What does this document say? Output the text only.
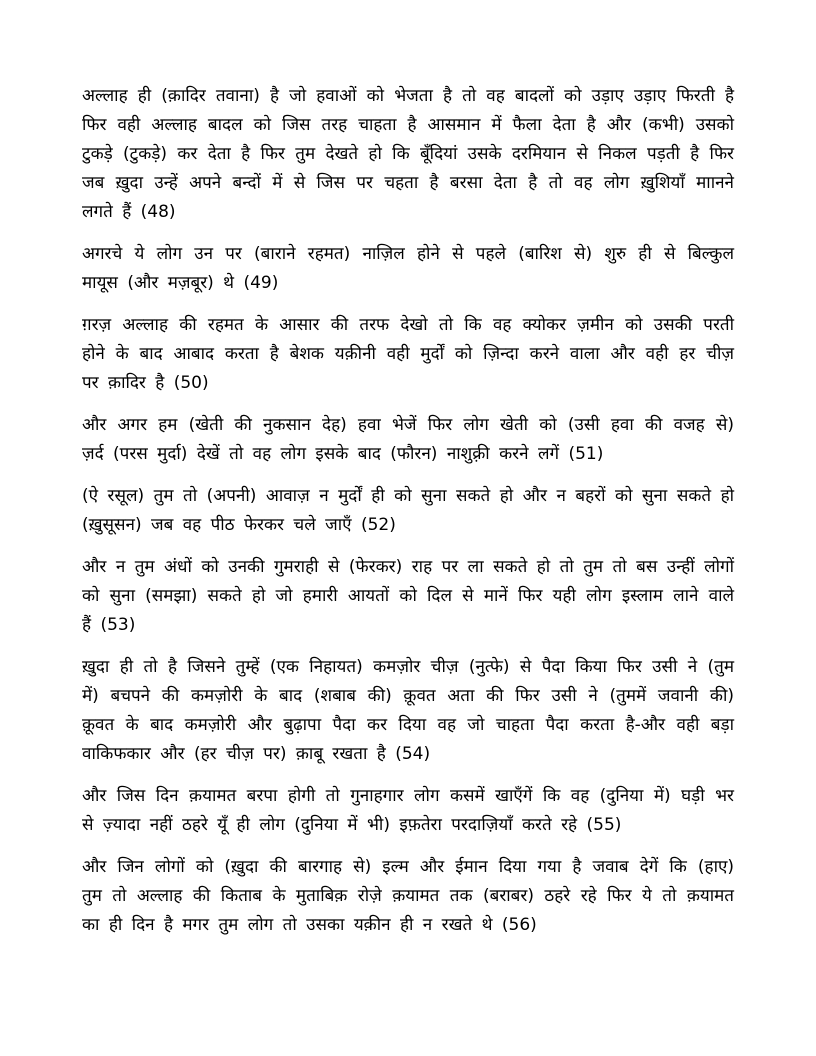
अल्लाह ही (क़ादिर तवाना) है जो हवाओं को भेजता है तो वह बादलों को उड़ाए उड़ाए फिरती है फिर वही अल्लाह बादल को जिस तरह चाहता है आसमान में फैला देता है और (कभी) उसको टुकड़े (टुकड़े) कर देता है फिर तुम देखते हो कि बूँदियां उसके दरमियान से निकल पड़ती है फिर जब ख़ुदा उन्हें अपने बन्दों में से जिस पर चहता है बरसा देता है तो वह लोग ख़ुशियाँ माानने लगते हैं (48)

अगरचे ये लोग उन पर (बाराने रहमत) नाज़िल होने से पहले (बारिश से) शुरु ही से बिल्कुल मायूस (और मज़बूर) थे (49)

ग़रज़ अल्लाह की रहमत के आसार की तरफ देखो तो कि वह क्योकर ज़मीन को उसकी परती होने के बाद आबाद करता है बेशक यक़ीनी वही मुर्दों को ज़िन्दा करने वाला और वही हर चीज़ पर क़ादिर है (50)

और अगर हम (खेती की नुकसान देह) हवा भेजें फिर लोग खेती को (उसी हवा की वजह से) ज़र्द (परस मुर्दा) देखें तो वह लोग इसके बाद (फौरन) नाशुक़्री करने लगें (51)

(ऐ रसूल) तुम तो (अपनी) आवाज़ न मुर्दों ही को सुना सकते हो और न बहरों को सुना सकते हो (ख़ुसूसन) जब वह पीठ फेरकर चले जाएँ (52)

और न तुम अंधों को उनकी गुमराही से (फेरकर) राह पर ला सकते हो तो तुम तो बस उन्हीं लोगों को सुना (समझा) सकते हो जो हमारी आयतों को दिल से मानें फिर यही लोग इस्लाम लाने वाले हैं (53)

ख़ुदा ही तो है जिसने तुम्हें (एक निहायत) कमज़ोर चीज़ (नुत्फे) से पैदा किया फिर उसी ने (तुम में) बचपने की कमज़ोरी के बाद (शबाब की) क़ूवत अता की फिर उसी ने (तुममें जवानी की) क़ूवत के बाद कमज़ोरी और बुढ़ापा पैदा कर दिया वह जो चाहता पैदा करता है-और वही बड़ा वाकिफकार और (हर चीज़ पर) क़ाबू रखता है (54)

और जिस दिन क़यामत बरपा होगी तो गुनाहगार लोग कसमें खाएँगें कि वह (दुनिया में) घड़ी भर से ज़्यादा नहीं ठहरे यूँ ही लोग (दुनिया में भी) इफ़तेरा परदाज़ियाँ करते रहे (55)

और जिन लोगों को (ख़ुदा की बारगाह से) इल्म और ईमान दिया गया है जवाब देगें कि (हाए) तुम तो अल्लाह की किताब के मुताबिक़ रोज़े क़यामत तक (बराबर) ठहरे रहे फिर ये तो क़यामत का ही दिन है मगर तुम लोग तो उसका यक़ीन ही न रखते थे (56)
